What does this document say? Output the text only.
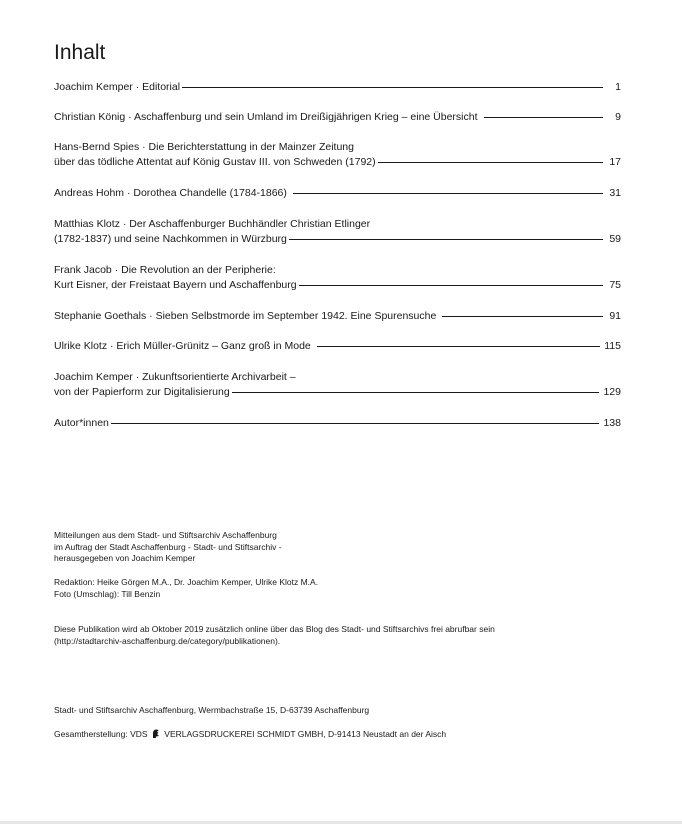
Inhalt
Joachim Kemper · Editorial	1
Christian König · Aschaffenburg und sein Umland im Dreißigjährigen Krieg – eine Übersicht	9
Hans-Bernd Spies · Die Berichterstattung in der Mainzer Zeitung
über das tödliche Attentat auf König Gustav III. von Schweden (1792)	17
Andreas Hohm · Dorothea Chandelle (1784-1866)	31
Matthias Klotz · Der Aschaffenburger Buchhändler Christian Etlinger
(1782-1837) und seine Nachkommen in Würzburg	59
Frank Jacob · Die Revolution an der Peripherie:
Kurt Eisner, der Freistaat Bayern und Aschaffenburg	75
Stephanie Goethals · Sieben Selbstmorde im September 1942. Eine Spurensuche	91
Ulrike Klotz · Erich Müller-Grünitz – Ganz groß in Mode	115
Joachim Kemper · Zukunftsorientierte Archivarbeit –
von der Papierform zur Digitalisierung	129
Autor*innen	138

Mitteilungen aus dem Stadt- und Stiftsarchiv Aschaffenburg

im Auftrag der Stadt Aschaffenburg - Stadt- und Stiftsarchiv -

herausgegeben von Joachim Kemper

Redaktion: Heike Görgen M.A., Dr. Joachim Kemper, Ulrike Klotz M.A.

Foto (Umschlag): Till Benzin

Diese Publikation wird ab Oktober 2019 zusätzlich online über das Blog des Stadt- und Stiftsarchivs frei abrufbar sein

(http://stadtarchiv-aschaffenburg.de/category/publikationen).

Stadt- und Stiftsarchiv Aschaffenburg, Wermbachstraße 15, D-63739 Aschaffenburg
Gesamtherstellung: VDS VERLAGSDRUCKEREI SCHMIDT GMBH, D-91413 Neustadt an der Aisch
